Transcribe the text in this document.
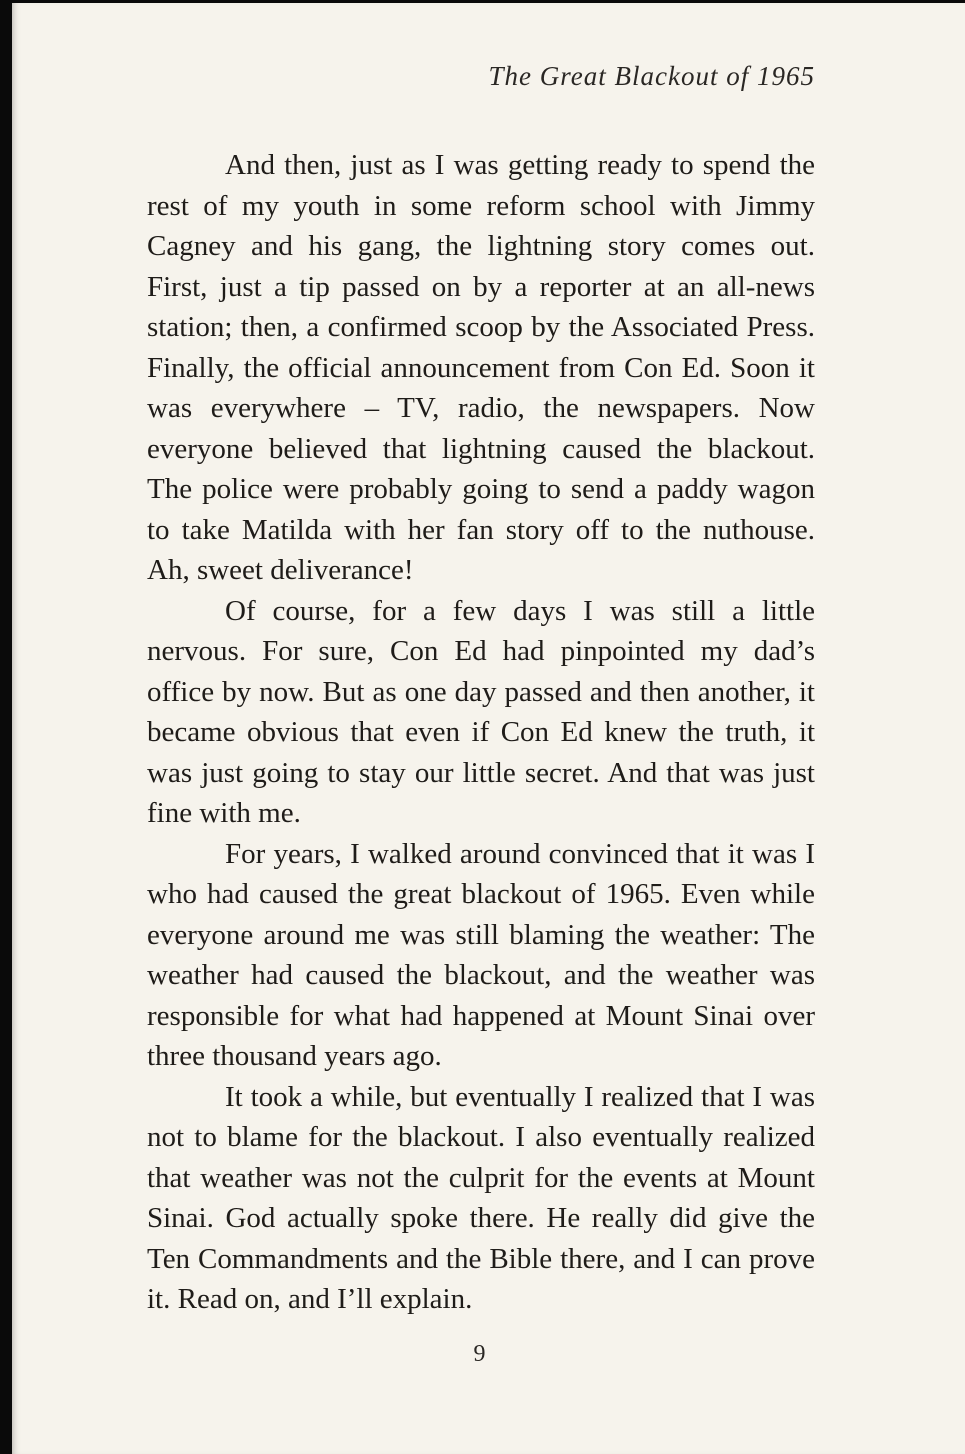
The Great Blackout of 1965

And then, just as I was getting ready to spend the rest of my youth in some reform school with Jimmy Cagney and his gang, the lightning story comes out. First, just a tip passed on by a reporter at an all-news station; then, a confirmed scoop by the Associated Press. Finally, the official announcement from Con Ed. Soon it was everywhere – TV, radio, the newspapers. Now everyone believed that lightning caused the blackout. The police were probably going to send a paddy wagon to take Matilda with her fan story off to the nuthouse. Ah, sweet deliverance!

Of course, for a few days I was still a little nervous. For sure, Con Ed had pinpointed my dad’s office by now. But as one day passed and then another, it became obvious that even if Con Ed knew the truth, it was just going to stay our little secret. And that was just fine with me.

For years, I walked around convinced that it was I who had caused the great blackout of 1965. Even while everyone around me was still blaming the weather: The weather had caused the blackout, and the weather was responsible for what had happened at Mount Sinai over three thousand years ago.

It took a while, but eventually I realized that I was not to blame for the blackout. I also eventually realized that weather was not the culprit for the events at Mount Sinai. God actually spoke there. He really did give the Ten Commandments and the Bible there, and I can prove it. Read on, and I’ll explain.

9
